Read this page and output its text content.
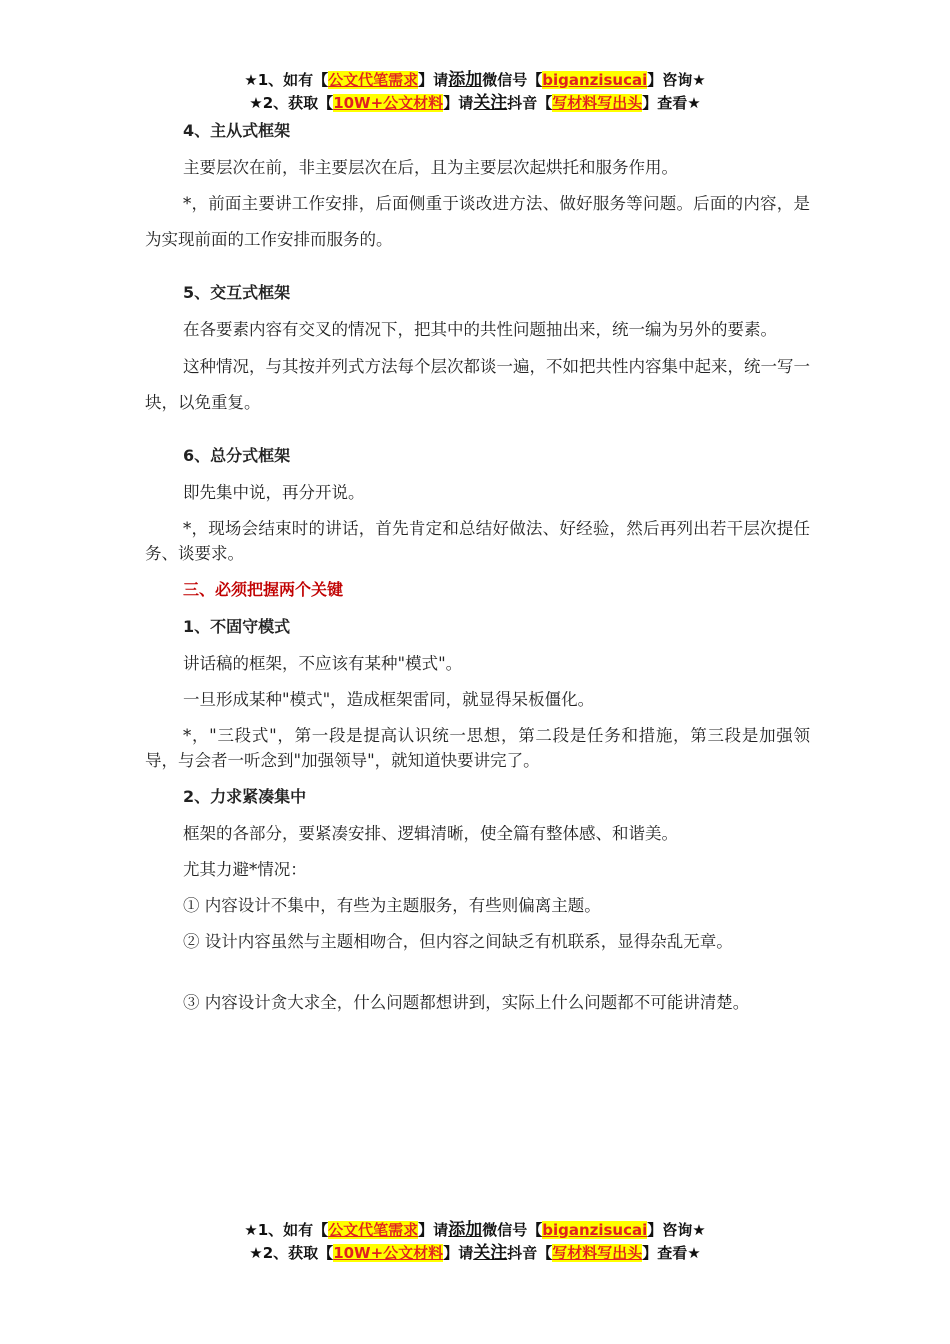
★1、如有【公文代笔需求】请添加微信号【biganzisucai】咨询★
★2、获取【10W+公文材料】请关注抖音【写材料写出头】查看★

4、主从式框架

主要层次在前，非主要层次在后，且为主要层次起烘托和服务作用。

*，前面主要讲工作安排，后面侧重于谈改进方法、做好服务等问题。后面的内容，是为实现前面的工作安排而服务的。

5、交互式框架

在各要素内容有交叉的情况下，把其中的共性问题抽出来，统一编为另外的要素。

这种情况，与其按并列式方法每个层次都谈一遍，不如把共性内容集中起来，统一写一块，以免重复。

6、总分式框架

即先集中说，再分开说。

*，现场会结束时的讲话，首先肯定和总结好做法、好经验，然后再列出若干层次提任务、谈要求。

三、必须把握两个关键

1、不固守模式

讲话稿的框架，不应该有某种"模式"。

一旦形成某种"模式"，造成框架雷同，就显得呆板僵化。

*，"三段式"，第一段是提高认识统一思想，第二段是任务和措施，第三段是加强领导，与会者一听念到"加强领导"，就知道快要讲完了。

2、力求紧凑集中

框架的各部分，要紧凑安排、逻辑清晰，使全篇有整体感、和谐美。

尤其力避*情况：

① 内容设计不集中，有些为主题服务，有些则偏离主题。

② 设计内容虽然与主题相吻合，但内容之间缺乏有机联系，显得杂乱无章。

③ 内容设计贪大求全，什么问题都想讲到，实际上什么问题都不可能讲清楚。

★1、如有【公文代笔需求】请添加微信号【biganzisucai】咨询★
★2、获取【10W+公文材料】请关注抖音【写材料写出头】查看★
